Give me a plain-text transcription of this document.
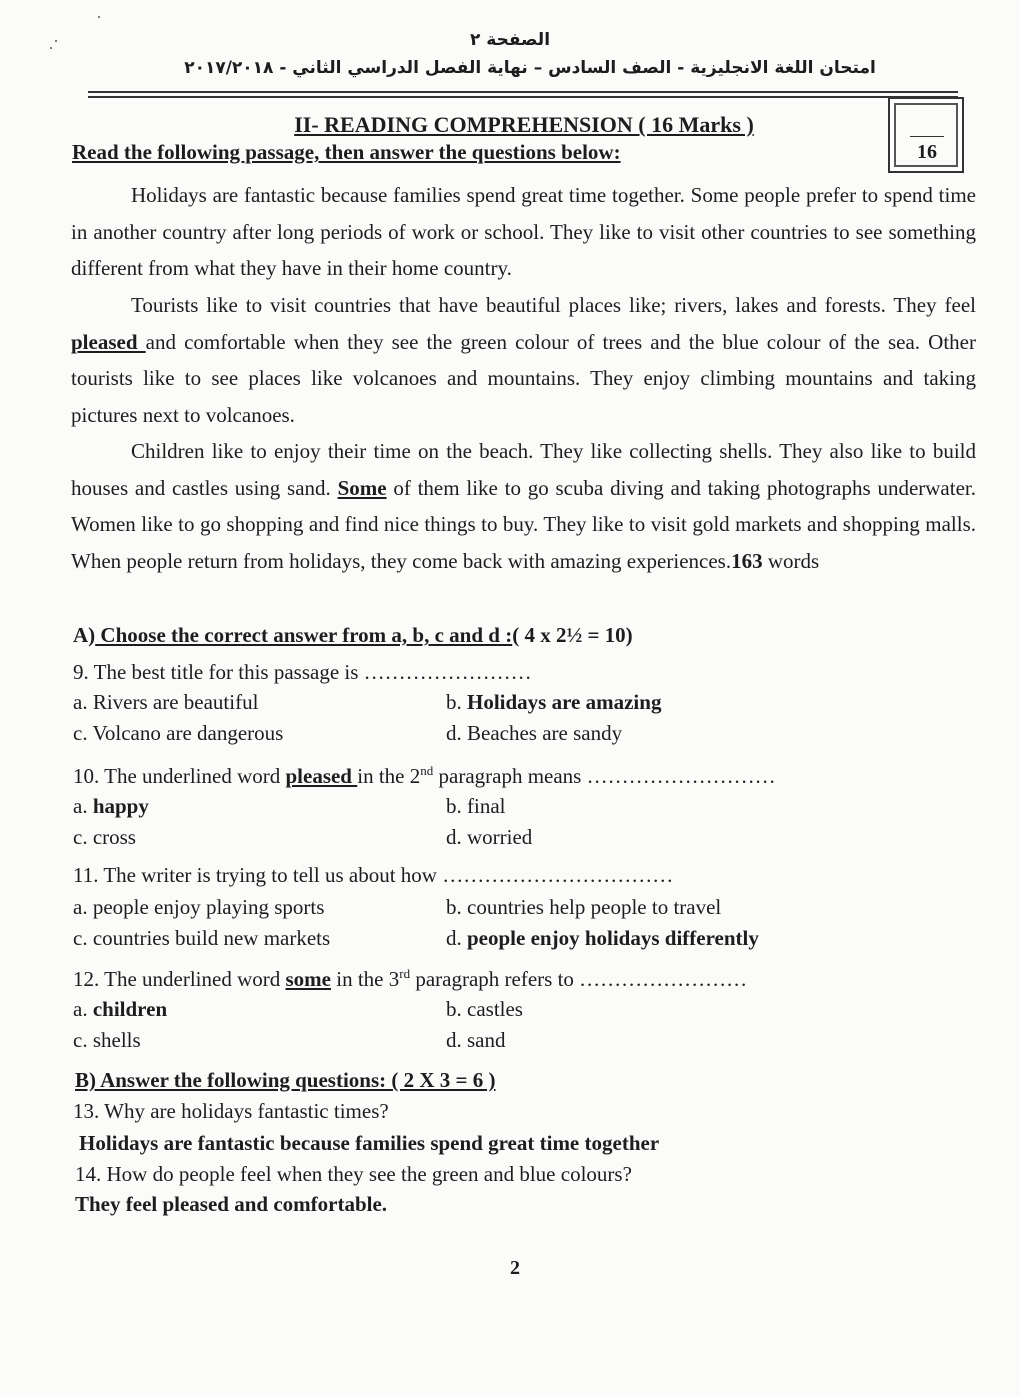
الصفحة ٢
امتحان اللغة الانجليزية - الصف السادس – نهاية الفصل الدراسي الثاني - ٢٠١٧/٢٠١٨
II- READING COMPREHENSION ( 16 Marks )
Read the following passage, then answer the questions below:	16

Holidays are fantastic because families spend great time together. Some people prefer to spend time in another country after long periods of work or school. They like to visit other countries to see something different from what they have in their home country.

Tourists like to visit countries that have beautiful places like; rivers, lakes and forests. They feel pleased and comfortable when they see the green colour of trees and the blue colour of the sea. Other tourists like to see places like volcanoes and mountains. They enjoy climbing mountains and taking pictures next to volcanoes.

Children like to enjoy their time on the beach. They like collecting shells. They also like to build houses and castles using sand. Some of them like to go scuba diving and taking photographs underwater. Women like to go shopping and find nice things to buy. They like to visit gold markets and shopping malls. When people return from holidays, they come back with amazing experiences.163 words

A) Choose the correct answer from a, b, c and d :( 4 x 2½ = 10)
9. The best title for this passage is ……………………
a. Rivers are beautiful	b. Holidays are amazing
c. Volcano are dangerous	d. Beaches are sandy
10. The underlined word pleased in the 2nd paragraph means ………………………
a. happy	b. final
c. cross	d. worried
11. The writer is trying to tell us about how ……………………………
a. people enjoy playing sports	b. countries help people to travel
c. countries build new markets	d. people enjoy holidays differently
12. The underlined word some in the 3rd paragraph refers to ……………………
a. children	b. castles
c. shells	d. sand
B) Answer the following questions: ( 2 X 3 = 6 )
13. Why are holidays fantastic times?
Holidays are fantastic because families spend great time together
14. How do people feel when they see the green and blue colours?
They feel pleased and comfortable.
2
